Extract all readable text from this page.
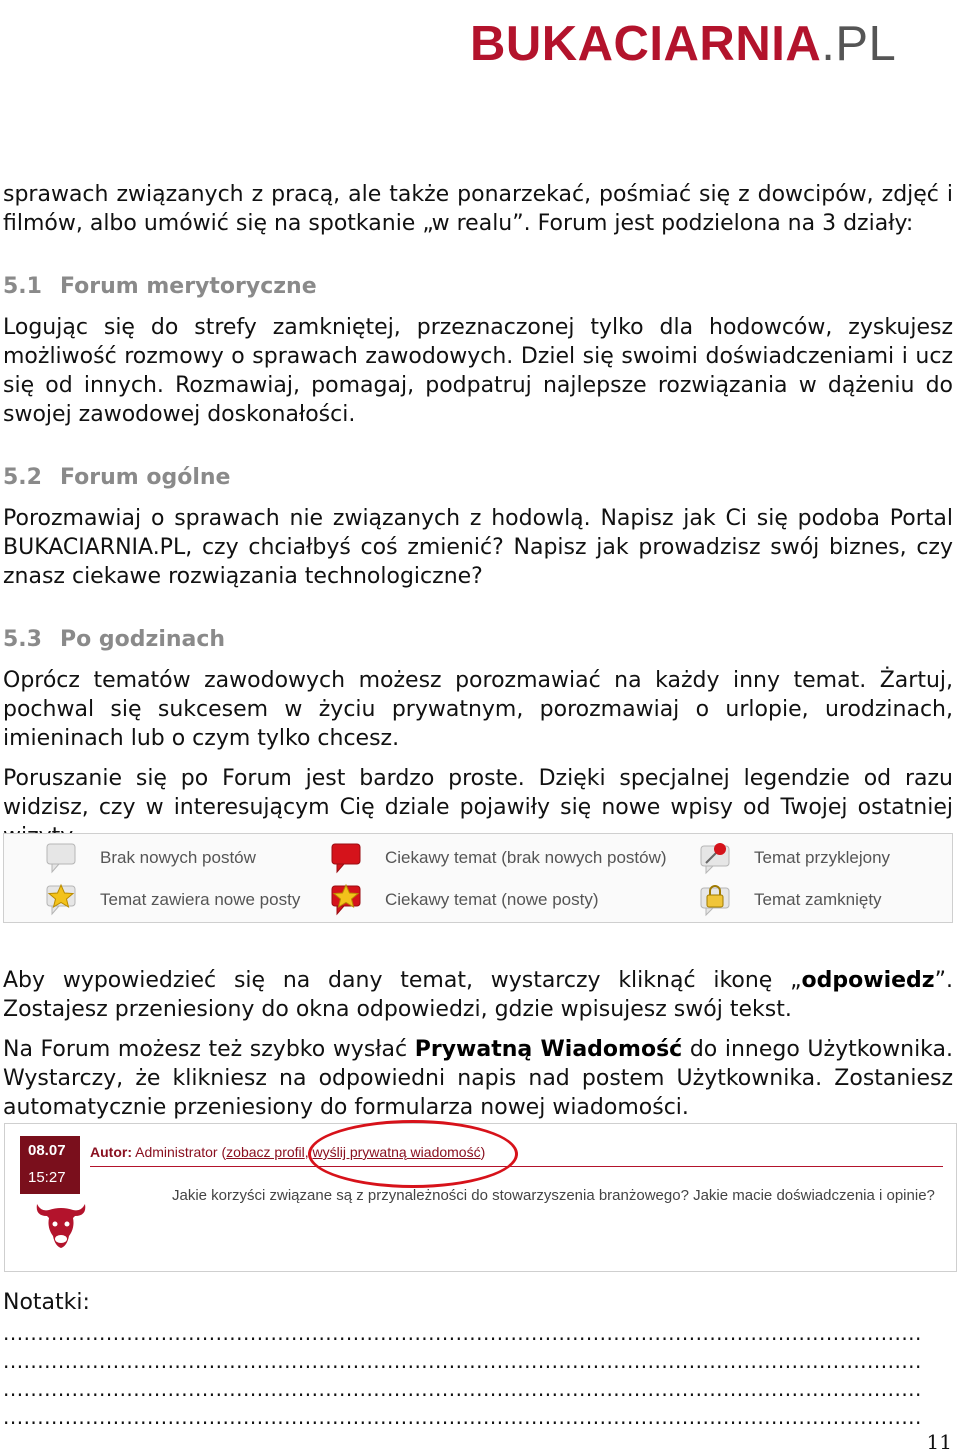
BUKACIARNIA.PL
sprawach związanych z pracą, ale także ponarzekać, pośmiać się z dowcipów, zdjęć i filmów, albo umówić się na spotkanie „w realu”. Forum jest podzielona na 3 działy:
5.1 Forum merytoryczne
Logując się do strefy zamkniętej, przeznaczonej tylko dla hodowców, zyskujesz możliwość rozmowy o sprawach zawodowych. Dziel się swoimi doświadczeniami i ucz się od innych. Rozmawiaj, pomagaj, podpatruj najlepsze rozwiązania w dążeniu do swojej zawodowej doskonałości.
5.2 Forum ogólne
Porozmawiaj o sprawach nie związanych z hodowlą. Napisz jak Ci się podoba Portal BUKACIARNIA.PL, czy chciałbyś coś zmienić? Napisz jak prowadzisz swój biznes, czy znasz ciekawe rozwiązania technologiczne?
5.3 Po godzinach
Oprócz tematów zawodowych możesz porozmawiać na każdy inny temat. Żartuj, pochwal się sukcesem w życiu prywatnym, porozmawiaj o urlopie, urodzinach, imieninach lub o czym tylko chcesz.
Poruszanie się po Forum jest bardzo proste. Dzięki specjalnej legendzie od razu widzisz, czy w interesującym Cię dziale pojawiły się nowe wpisy od Twojej ostatniej
Brak nowych postów	Ciekawy temat (brak nowych postów)	Temat przyklejony
Temat zawiera nowe posty	Ciekawy temat (nowe posty)	Temat zamknięty
Aby wypowiedzieć się na dany temat, wystarczy kliknąć ikonę „odpowiedz”. Zostajesz przeniesiony do okna odpowiedzi, gdzie wpisujesz swój tekst.
Na Forum możesz też szybko wysłać Prywatną Wiadomość do innego Użytkownika. Wystarczy, że klikniesz na odpowiedni napis nad postem Użytkownika. Zostaniesz automatycznie przeniesiony do formularza nowej wiadomości.
08.07
15:27
Autor: Administrator (zobacz profil, wyślij prywatną wiadomość)
Jakie korzyści związane są z przynależności do stowarzyszenia branżowego? Jakie macie doświadczenia i opinie?
Notatki:
......................................................................................................................................
......................................................................................................................................
......................................................................................................................................
......................................................................................................................................
11
